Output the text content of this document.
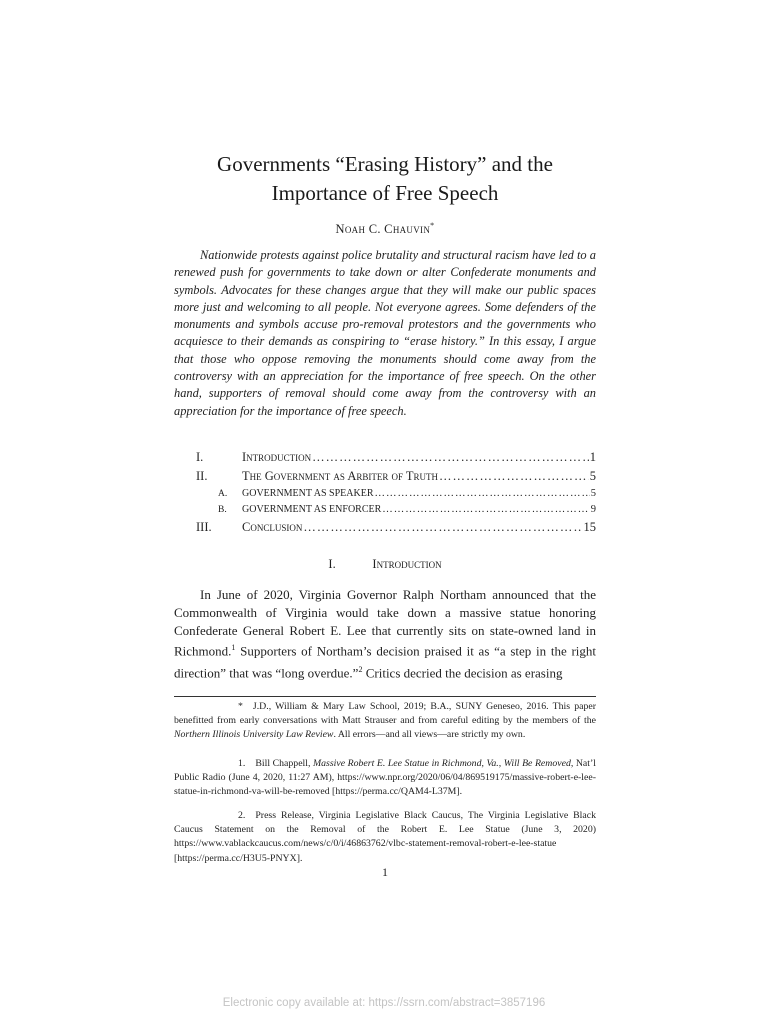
Governments “Erasing History” and the
Importance of Free Speech
Noah C. Chauvin*

Nationwide protests against police brutality and structural racism have led to a renewed push for governments to take down or alter Confederate monuments and symbols. Advocates for these changes argue that they will make our public spaces more just and welcoming to all people. Not everyone agrees. Some defenders of the monuments and symbols accuse pro-removal protestors and the governments who acquiesce to their demands as conspiring to “erase history.” In this essay, I argue that those who oppose removing the monuments should come away from the controversy with an appreciation for the importance of free speech. On the other hand, supporters of removal should come away from the controversy with an appreciation for the importance of free speech.

I.	Introduction …………………………………………………………………………………………………………………………………………	1
II.	The Government as Arbiter of Truth …………………………………………………………………………………………………………………………………………	5
A.	GOVERNMENT AS SPEAKER …………………………………………………………………………………………………………………………………………	5
B.	GOVERNMENT AS ENFORCER …………………………………………………………………………………………………………………………………………	9
III.	Conclusion …………………………………………………………………………………………………………………………………………	15
I.	Introduction

In June of 2020, Virginia Governor Ralph Northam announced that the Commonwealth of Virginia would take down a massive statue honoring Confederate General Robert E. Lee that currently sits on state-owned land in Richmond.$^1$ Supporters of Northam’s decision praised it as “a step in the right direction” that was “long overdue.”$^2$ Critics decried the decision as erasing

* J.D., William & Mary Law School, 2019; B.A., SUNY Geneseo, 2016. This paper benefitted from early conversations with Matt Strauser and from careful editing by the members of the Northern Illinois University Law Review. All errors—and all views—are strictly my own.

1. Bill Chappell, Massive Robert E. Lee Statue in Richmond, Va., Will Be Removed, Nat’l Public Radio (June 4, 2020, 11:27 AM), https://www.npr.org/2020/06/04/869519175/massive-robert-e-lee-statue-in-richmond-va-will-be-removed [https://perma.cc/QAM4-L37M].

2. Press Release, Virginia Legislative Black Caucus, The Virginia Legislative Black Caucus Statement on the Removal of the Robert E. Lee Statue (June 3, 2020) https://www.vablackcaucus.com/news/c/0/i/46863762/vlbc-statement-removal-robert-e-lee-statue [https://perma.cc/H3U5-PNYX].

1
Electronic copy available at: https://ssrn.com/abstract=3857196
